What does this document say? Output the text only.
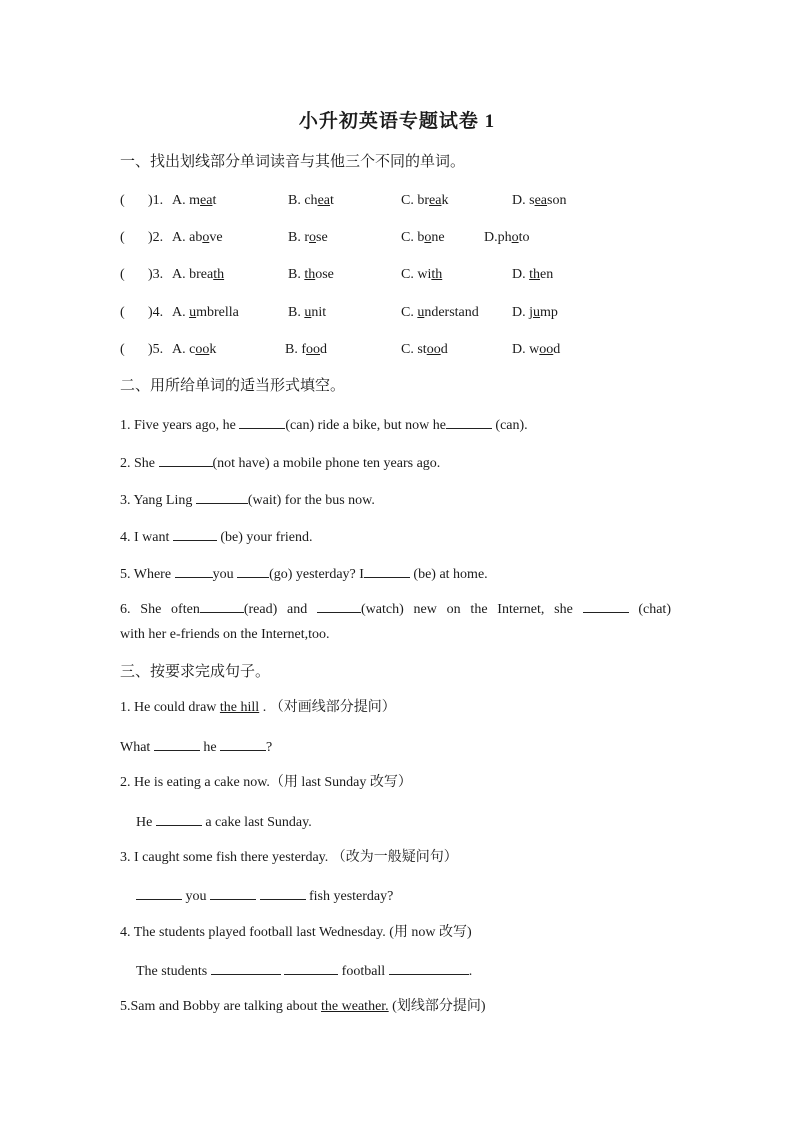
小升初英语专题试卷 1
一、找出划线部分单词读音与其他三个不同的单词。
( )1. A. meat	B. cheat	C. break	D. season
( )2. A. above	B. rose	C. bone	D.photo
( )3. A. breath	B. those	C. with	D. then
( )4. A. umbrella	B. unit	C. understand D. jump
( )5. A. cook	B. food	C. stood	D. wood
二、用所给单词的适当形式填空。
1. Five years ago, he	(can) ride a bike, but now he	(can).
2. She	(not have) a mobile phone ten years ago.
3. Yang Ling	(wait) for the bus now.
4. I want	(be) your friend.
5. Where	you (go) yesterday? I	(be) at home.
6. She often	(read) and	(watch) new on the Internet, she	(chat)
with her e-friends on the Internet,too.
三、按要求完成句子。
1. He could draw the hill . （对画线部分提问）
What	he	?
2. He is eating a cake now.（用 last Sunday 改写）
He	a cake last Sunday.
3. I caught some fish there yesterday. （改为一般疑问句）
you	fish yesterday?
4. The students played football last Wednesday. (用 now 改写)
The students	football	.
5.Sam and Bobby are talking about the weather. (划线部分提问)
